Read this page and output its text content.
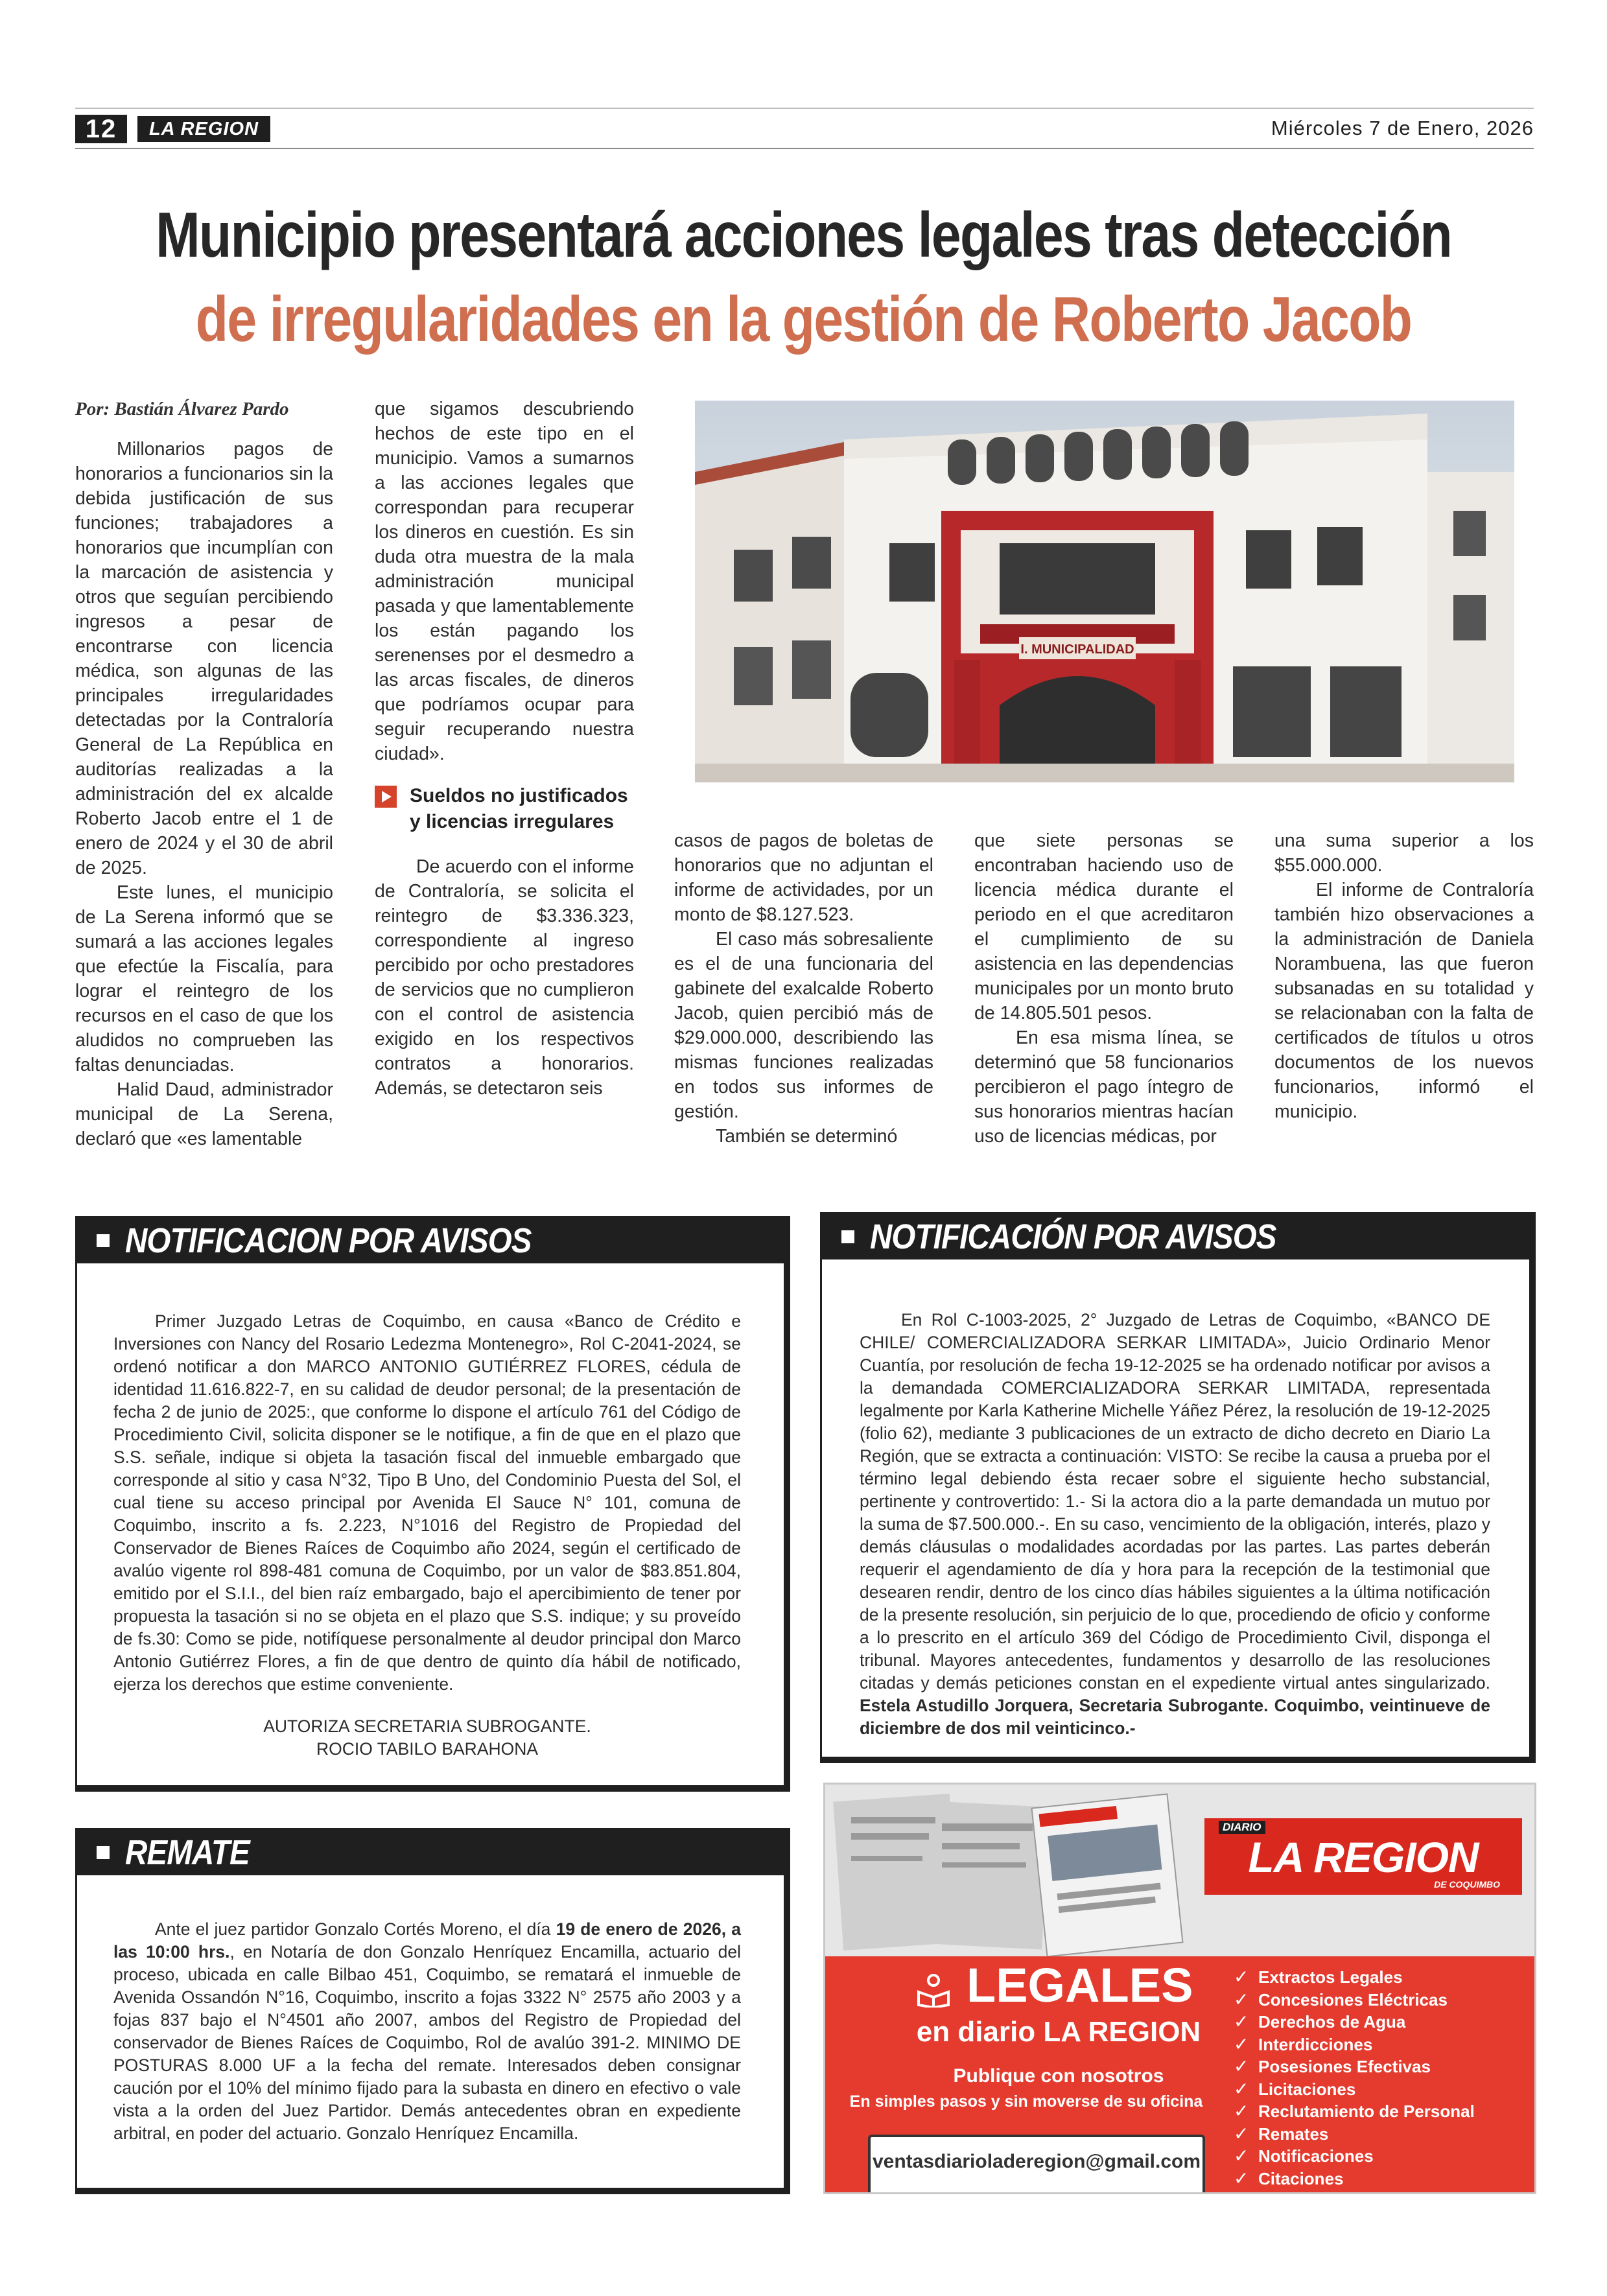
12	LA REGION	Miércoles 7 de Enero, 2026
Municipio presentará acciones legales tras detección
de irregularidades en la gestión de Roberto Jacob

Por: Bastián Álvarez Pardo

Millonarios pagos de honorarios a funcionarios sin la debida justificación de sus funciones; trabajadores a honorarios que incumplían con la marcación de asistencia y otros que seguían percibiendo ingresos a pesar de encontrarse con licencia médica, son algunas de las principales irregularidades detectadas por la Contraloría General de La República en auditorías realizadas a la administración del ex alcalde Roberto Jacob entre el 1 de enero de 2024 y el 30 de abril de 2025.

Este lunes, el municipio de La Serena informó que se sumará a las acciones legales que efectúe la Fiscalía, para lograr el reintegro de los recursos en el caso de que los aludidos no comprueben las faltas denunciadas.

Halid Daud, administrador municipal de La Serena, declaró que «es lamentable

que sigamos descubriendo hechos de este tipo en el municipio. Vamos a sumarnos a las acciones legales que correspondan para recuperar los dineros en cuestión. Es sin duda otra muestra de la mala administración municipal pasada y que lamentablemente los están pagando los serenenses por el desmedro a las arcas fiscales, de dineros que podríamos ocupar para seguir recuperando nuestra ciudad».

Sueldos no justificados y licencias irregulares

De acuerdo con el informe de Contraloría, se solicita el reintegro de $3.336.323, correspondiente al ingreso percibido por ocho prestadores de servicios que no cumplieron con el control de asistencia exigido en los respectivos contratos a honorarios. Además, se detectaron seis

I. MUNICIPALIDAD

casos de pagos de boletas de honorarios que no adjuntan el informe de actividades, por un monto de $8.127.523.

El caso más sobresaliente es el de una funcionaria del gabinete del exalcalde Roberto Jacob, quien percibió más de $29.000.000, describiendo las mismas funciones realizadas en todos sus informes de gestión.

También se determinó

que siete personas se encontraban haciendo uso de licencia médica durante el periodo en el que acreditaron el cumplimiento de su asistencia en las dependencias municipales por un monto bruto de 14.805.501 pesos.

En esa misma línea, se determinó que 58 funcionarios percibieron el pago íntegro de sus honorarios mientras hacían uso de licencias médicas, por

una suma superior a los $55.000.000.

El informe de Contraloría también hizo observaciones a la administración de Daniela Norambuena, las que fueron subsanadas en su totalidad y se relacionaban con la falta de certificados de títulos u otros documentos de los nuevos funcionarios, informó el municipio.

NOTIFICACION POR AVISOS

Primer Juzgado Letras de Coquimbo, en causa «Banco de Crédito e Inversiones con Nancy del Rosario Ledezma Montenegro», Rol C-2041-2024, se ordenó notificar a don MARCO ANTONIO GUTIÉRREZ FLORES, cédula de identidad 11.616.822-7, en su calidad de deudor personal; de la presentación de fecha 2 de junio de 2025:, que conforme lo dispone el artículo 761 del Código de Procedimiento Civil, solicita disponer se le notifique, a fin de que en el plazo que S.S. señale, indique si objeta la tasación fiscal del inmueble embargado que corresponde al sitio y casa N°32, Tipo B Uno, del Condominio Puesta del Sol, el cual tiene su acceso principal por Avenida El Sauce N° 101, comuna de Coquimbo, inscrito a fs. 2.223, N°1016 del Registro de Propiedad del Conservador de Bienes Raíces de Coquimbo año 2024, según el certificado de avalúo vigente rol 898-481 comuna de Coquimbo, por un valor de $83.851.804, emitido por el S.I.I., del bien raíz embargado, bajo el apercibimiento de tener por propuesta la tasación si no se objeta en el plazo que S.S. indique; y su proveído de fs.30: Como se pide, notifíquese personalmente al deudor principal don Marco Antonio Gutiérrez Flores, a fin de que dentro de quinto día hábil de notificado, ejerza los derechos que estime conveniente.

AUTORIZA SECRETARIA SUBROGANTE.
ROCIO TABILO BARAHONA
NOTIFICACIÓN POR AVISOS

En Rol C-1003-2025, 2° Juzgado de Letras de Coquimbo, «BANCO DE CHILE/ COMERCIALIZADORA SERKAR LIMITADA», Juicio Ordinario Menor Cuantía, por resolución de fecha 19-12-2025 se ha ordenado notificar por avisos a la demandada COMERCIALIZADORA SERKAR LIMITADA, representada legalmente por Karla Katherine Michelle Yáñez Pérez, la resolución de 19-12-2025 (folio 62), mediante 3 publicaciones de un extracto de dicho decreto en Diario La Región, que se extracta a continuación: VISTO: Se recibe la causa a prueba por el término legal debiendo ésta recaer sobre el siguiente hecho substancial, pertinente y controvertido: 1.- Si la actora dio a la parte demandada un mutuo por la suma de $7.500.000.-. En su caso, vencimiento de la obligación, interés, plazo y demás cláusulas o modalidades acordadas por las partes. Las partes deberán requerir el agendamiento de día y hora para la recepción de la testimonial que desearen rendir, dentro de los cinco días hábiles siguientes a la última notificación de la presente resolución, sin perjuicio de lo que, procediendo de oficio y conforme a lo prescrito en el artículo 369 del Código de Procedimiento Civil, disponga el tribunal. Mayores antecedentes, fundamentos y desarrollo de las resoluciones citadas y demás peticiones constan en el expediente virtual antes singularizado. Estela Astudillo Jorquera, Secretaria Subrogante. Coquimbo, veintinueve de diciembre de dos mil veinticinco.-

REMATE

Ante el juez partidor Gonzalo Cortés Moreno, el día 19 de enero de 2026, a las 10:00 hrs., en Notaría de don Gonzalo Henríquez Encamilla, actuario del proceso, ubicada en calle Bilbao 451, Coquimbo, se rematará el inmueble de Avenida Ossandón N°16, Coquimbo, inscrito a fojas 3322 N° 2575 año 2003 y a fojas 837 bajo el N°4501 año 2007, ambos del Registro de Propiedad del conservador de Bienes Raíces de Coquimbo, Rol de avalúo 391-2. MINIMO DE POSTURAS 8.000 UF a la fecha del remate. Interesados deben consignar caución por el 10% del mínimo fijado para la subasta en dinero en efectivo o vale vista a la orden del Juez Partidor. Demás antecedentes obran en expediente arbitral, en poder del actuario. Gonzalo Henríquez Encamilla.

DIARIO
LA REGION
DE COQUIMBO
LEGALES
en diario LA REGION
Publique con nosotros
En simples pasos y sin moverse de su oficina
ventasdiarioladeregion@gmail.com
✓ Extractos Legales
✓ Concesiones Eléctricas
✓ Derechos de Agua
✓ Interdicciones
✓ Posesiones Efectivas
✓ Licitaciones
✓ Reclutamiento de Personal
✓ Remates
✓ Notificaciones
✓ Citaciones
